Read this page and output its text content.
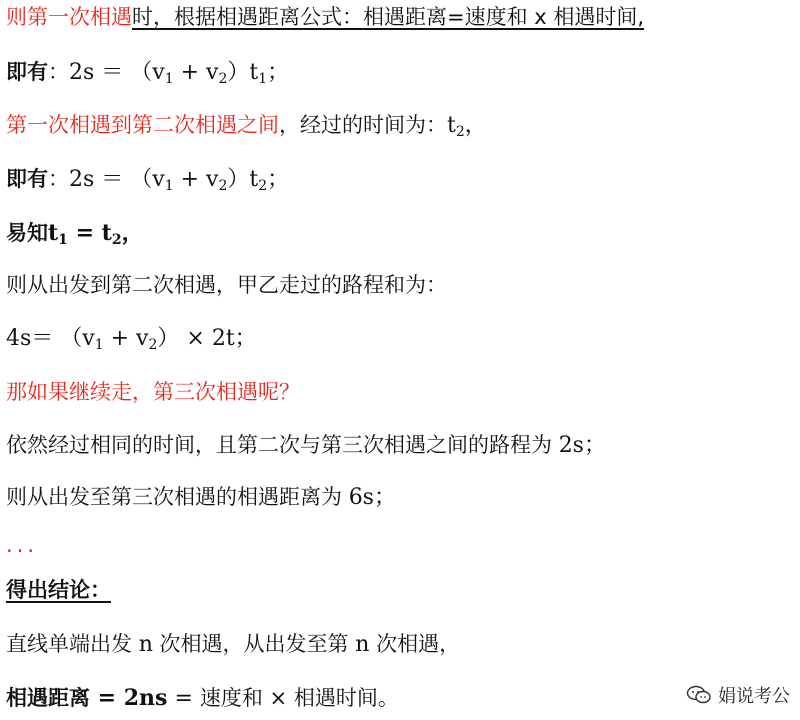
则第一次相遇时，根据相遇距离公式：相遇距离=速度和 x 相遇时间,
即有：$2s = (v_1 + v_2)t_1$；
第一次相遇到第二次相遇之间，经过的时间为：$t_2$，
即有：$2s = (v_1 + v_2)t_2$；
易知$t_1 = t_2$，
则从出发到第二次相遇，甲乙走过的路程和为：
$4s= (v_1 + v_2) \times 2t$；
那如果继续走，第三次相遇呢？
依然经过相同的时间，且第二次与第三次相遇之间的路程为 2s；
则从出发至第三次相遇的相遇距离为 6s；
...
得出结论：
直线单端出发 n 次相遇，从出发至第 n 次相遇，
相遇距离 = 2ns = 速度和 × 相遇时间。	娟说考公
